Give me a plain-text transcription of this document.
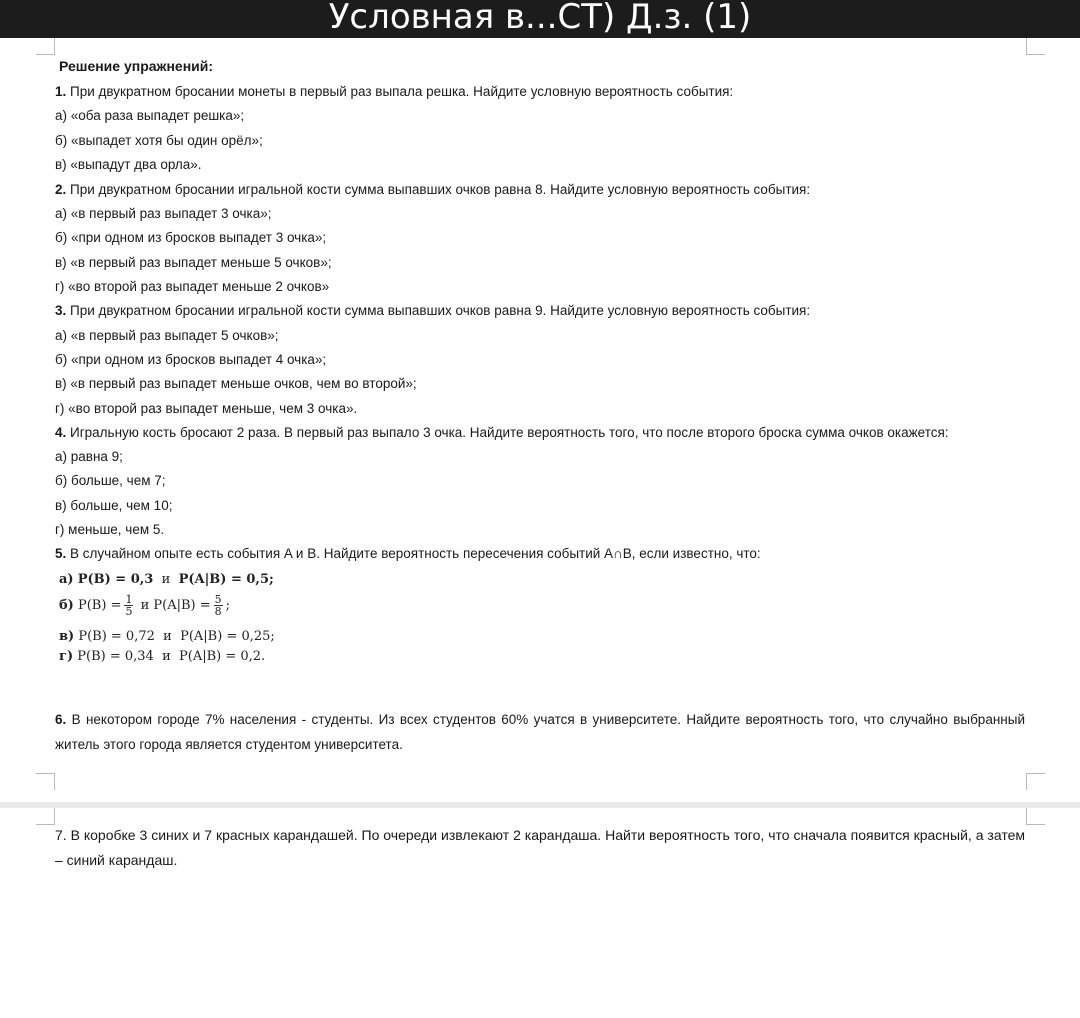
Условная в...СТ) Д.з. (1)
Решение упражнений:
1. При двукратном бросании монеты в первый раз выпала решка. Найдите условную вероятность события:
а) «оба раза выпадет решка»;
б) «выпадет хотя бы один орёл»;
в) «выпадут два орла».
2. При двукратном бросании игральной кости сумма выпавших очков равна 8. Найдите условную вероятность события:
а) «в первый раз выпадет 3 очка»;
б) «при одном из бросков выпадет 3 очка»;
в) «в первый раз выпадет меньше 5 очков»;
г) «во второй раз выпадет меньше 2 очков»
3. При двукратном бросании игральной кости сумма выпавших очков равна 9. Найдите условную вероятность события:
а) «в первый раз выпадет 5 очков»;
б) «при одном из бросков выпадет 4 очка»;
в) «в первый раз выпадет меньше очков, чем во второй»;
г) «во второй раз выпадет меньше, чем 3 очка».
4. Игральную кость бросают 2 раза. В первый раз выпало 3 очка. Найдите вероятность того, что после второго броска сумма очков окажется:
а) равна 9;
б) больше, чем 7;
в) больше, чем 10;
г) меньше, чем 5.
5. В случайном опыте есть события A и B. Найдите вероятность пересечения событий A∩B, если известно, что:
а) P(B) = 0,3 и P(A|B) = 0,5;
б) $P(B) = \frac{1}{5}$ и $P(A|B) = \frac{5}{8}$ ;
в) P(B) = 0,72 и P(A|B) = 0,25;
г) P(B) = 0,34 и P(A|B) = 0,2.
6. В некотором городе 7% населения - студенты. Из всех студентов 60% учатся в университете. Найдите вероятность того, что случайно выбранный житель этого города является студентом университета.
7. В коробке 3 синих и 7 красных карандашей. По очереди извлекают 2 карандаша. Найти вероятность того, что сначала появится красный, а затем – синий карандаш.
